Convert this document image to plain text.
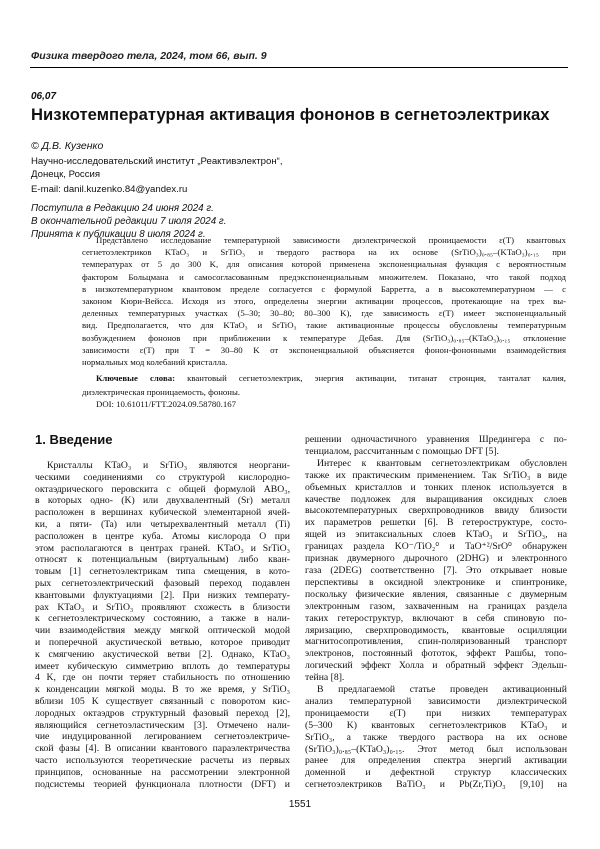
Физика твердого тела, 2024, том 66, вып. 9
06,07
Низкотемпературная активация фононов в сегнетоэлектриках
© Д.В. Кузенко
Научно-исследовательский институт „Реактивэлектрон“,
Донецк, Россия
E-mail: danil.kuzenko.84@yandex.ru
Поступила в Редакцию 24 июня 2024 г.
В окончательной редакции 7 июля 2024 г.
Принята к публикации 8 июля 2024 г.
Представлено исследование температурной зависимости диэлектрической проницаемости ε(T) квантовых
сегнетоэлектриков KTaO₃ и SrTiO₃ и твердого раствора на их основе (SrTiO₃)₀.₈₅–(KTaO₃)₀.₁₅ при
температурах от 5 до 300 K, для описания которой применена экспоненциальная функция с вероятностным
фактором Больцмана и самосогласованным предэкспоненциальным множителем. Показано, что такой подход
в низкотемпературном квантовом пределе согласуется с формулой Барретта, а в высокотемпературном — с
законом Кюри-Вейсса. Исходя из этого, определены энергии активации процессов, протекающие на трех вы-
деленных температурных участках (5–30; 30–80; 80–300 K), где зависимость ε(T) имеет экспоненциальный
вид. Предполагается, что для KTaO₃ и SrTiO₃ такие активационные процессы обусловлены температурным
возбуждением фононов при приближении к температуре Дебая. Для (SrTiO₃)₀.₈₅–(KTaO₃)₀.₁₅ отклонение
зависимости ε(T) при T = 30–80 K от экспоненциальной объясняется фонон-фононными взаимодействия
нормальных мод колебаний кристалла.
Ключевые слова: квантовый сегнетоэлектрик, энергия активации, титанат стронция, танталат калия,
диэлектрическая проницаемость, фононы.
DOI: 10.61011/FTT.2024.09.58780.167
1. Введение
Кристаллы KTaO₃ и SrTiO₃ являются неоргани-
ческими соединениями со структурой кислородно-
октаэдрического перовскита с общей формулой ABO₃,
в которых одно- (K) или двухвалентный (Sr) металл
расположен в вершинах кубической элементарной ячей-
ки, а пяти- (Ta) или четырехвалентный металл (Ti)
расположен в центре куба. Атомы кислорода O при
этом располагаются в центрах граней. KTaO₃ и SrTiO₃
относят к потенциальным (виртуальным) либо кван-
товым [1] сегнетоэлектрикам типа смещения, в кото-
рых сегнетоэлектрический фазовый переход подавлен
квантовыми флуктуациями [2]. При низких температу-
рах KTaO₃ и SrTiO₃ проявляют схожесть в близости
к сегнетоэлектрическому состоянию, а также в нали-
чии взаимодействия между мягкой оптической модой
и поперечной акустической ветвью, которое приводит
к смягчению акустической ветви [2]. Однако, KTaO₃
имеет кубическую симметрию вплоть до температуры
4 K, где он почти теряет стабильность по отношению
к конденсации мягкой моды. В то же время, у SrTiO₃
вблизи 105 K существует связанный с поворотом кис-
лородных октаэдров структурный фазовый переход [2],
являющийся сегнетоэластическим [3]. Отмечено нали-
чие индуцированной легированием сегнетоэлектриче-
ской фазы [4]. В описании квантового параэлектричества
часто используются теоретические расчеты из первых
принципов, основанные на рассмотрении электронной
подсистемы теорией функционала плотности (DFT) и
решении одночастичного уравнения Шредингера с по-
тенциалом, рассчитанным с помощью DFT [5].
Интерес к квантовым сегнетоэлектрикам обусловлен
также их практическим применением. Так SrTiO₃ в виде
объемных кристаллов и тонких пленок используется в
качестве подложек для выращивания оксидных слоев
высокотемпературных сверхпроводников ввиду близости
их параметров решетки [6]. В гетероструктуре, состо-
ящей из эпитаксиальных слоев KTaO₃ и SrTiO₃, на
границах раздела KO⁻/TiO₂⁰ и TaO⁺²/SrO⁰ обнаружен
признак двумерного дырочного (2DHG) и электронного
газа (2DEG) соответственно [7]. Это открывает новые
перспективы в оксидной электронике и спинтронике,
поскольку физические явления, связанные с двумерным
электронным газом, захваченным на границах раздела
таких гетероструктур, включают в себя спиновую по-
ляризацию, сверхпроводимость, квантовые осцилляции
магнитосопротивления, спин-поляризованный транспорт
электронов, постоянный фототок, эффект Рашбы, топо-
логический эффект Холла и обратный эффект Эдельш-
тейна [8].
В предлагаемой статье проведен активационный
анализ температурной зависимости диэлектрической
проницаемости ε(T) при низких температурах
(5–300 K) квантовых сегнетоэлектриков KTaO₃ и
SrTiO₃, а также твердого раствора на их основе
(SrTiO₃)₀.₈₅–(KTaO₃)₀.₁₅. Этот метод был использован
ранее для определения спектра энергий активации
доменной и дефектной структур классических
сегнетоэлектриков BaTiO₃ и Pb(Zr,Ti)O₃ [9,10] на
1551
